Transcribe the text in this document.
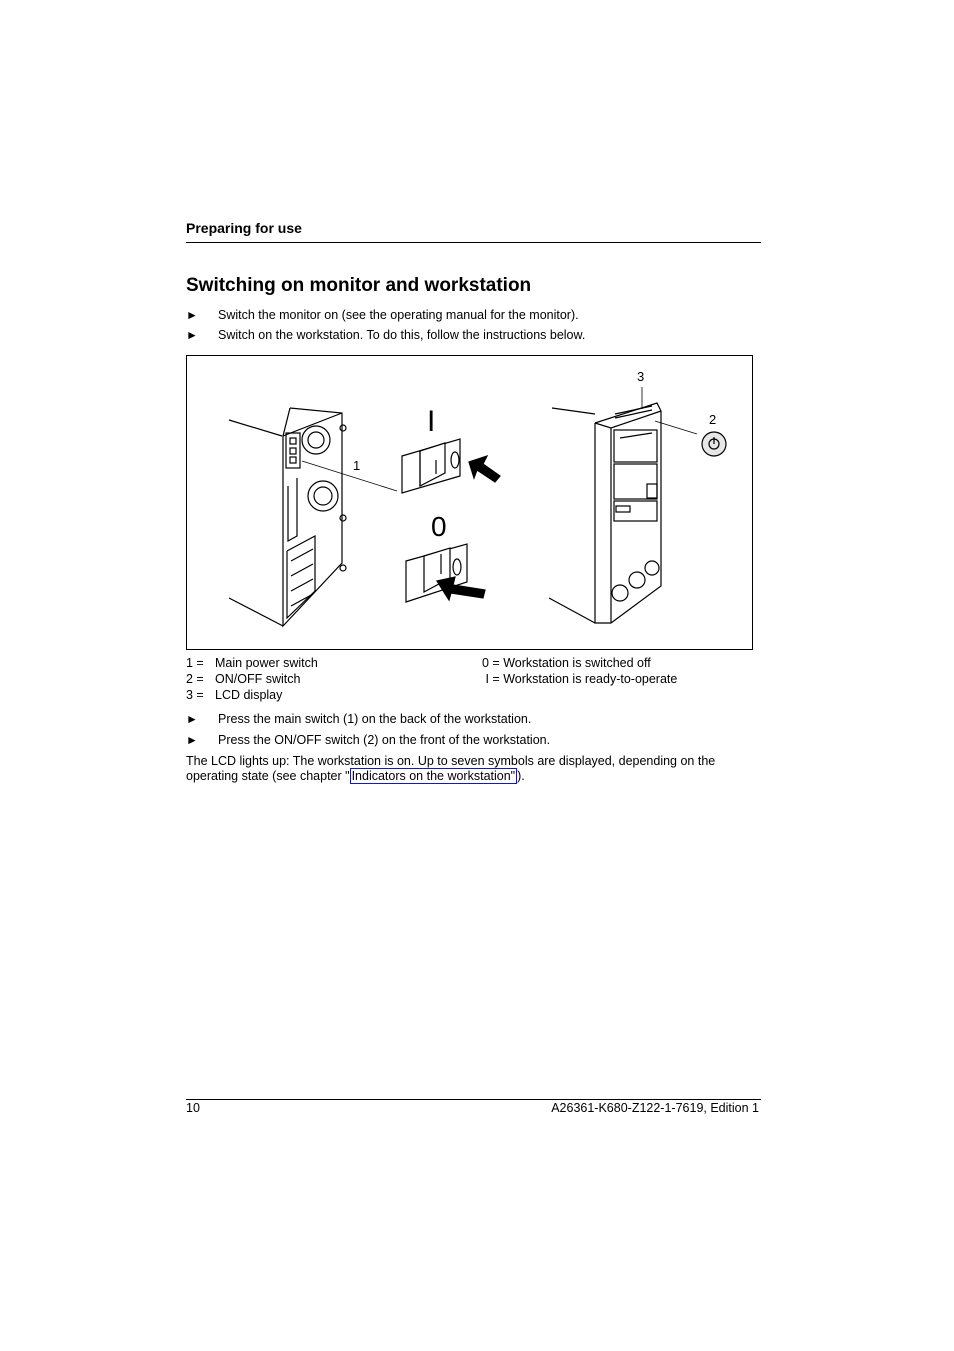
Preparing for use
Switching on monitor and workstation
► Switch the monitor on (see the operating manual for the monitor).
► Switch on the workstation. To do this, follow the instructions below.
1
2
3
I
0
1 = Main power switch
2 = ON/OFF switch
3 = LCD display
0 = Workstation is switched off
I = Workstation is ready-to-operate
► Press the main switch (1) on the back of the workstation.
► Press the ON/OFF switch (2) on the front of the workstation.
The LCD lights up: The workstation is on. Up to seven symbols are displayed, depending on the operating state (see chapter " Indicators on the workstation" ).
10	A26361-K680-Z122-1-7619, Edition 1
